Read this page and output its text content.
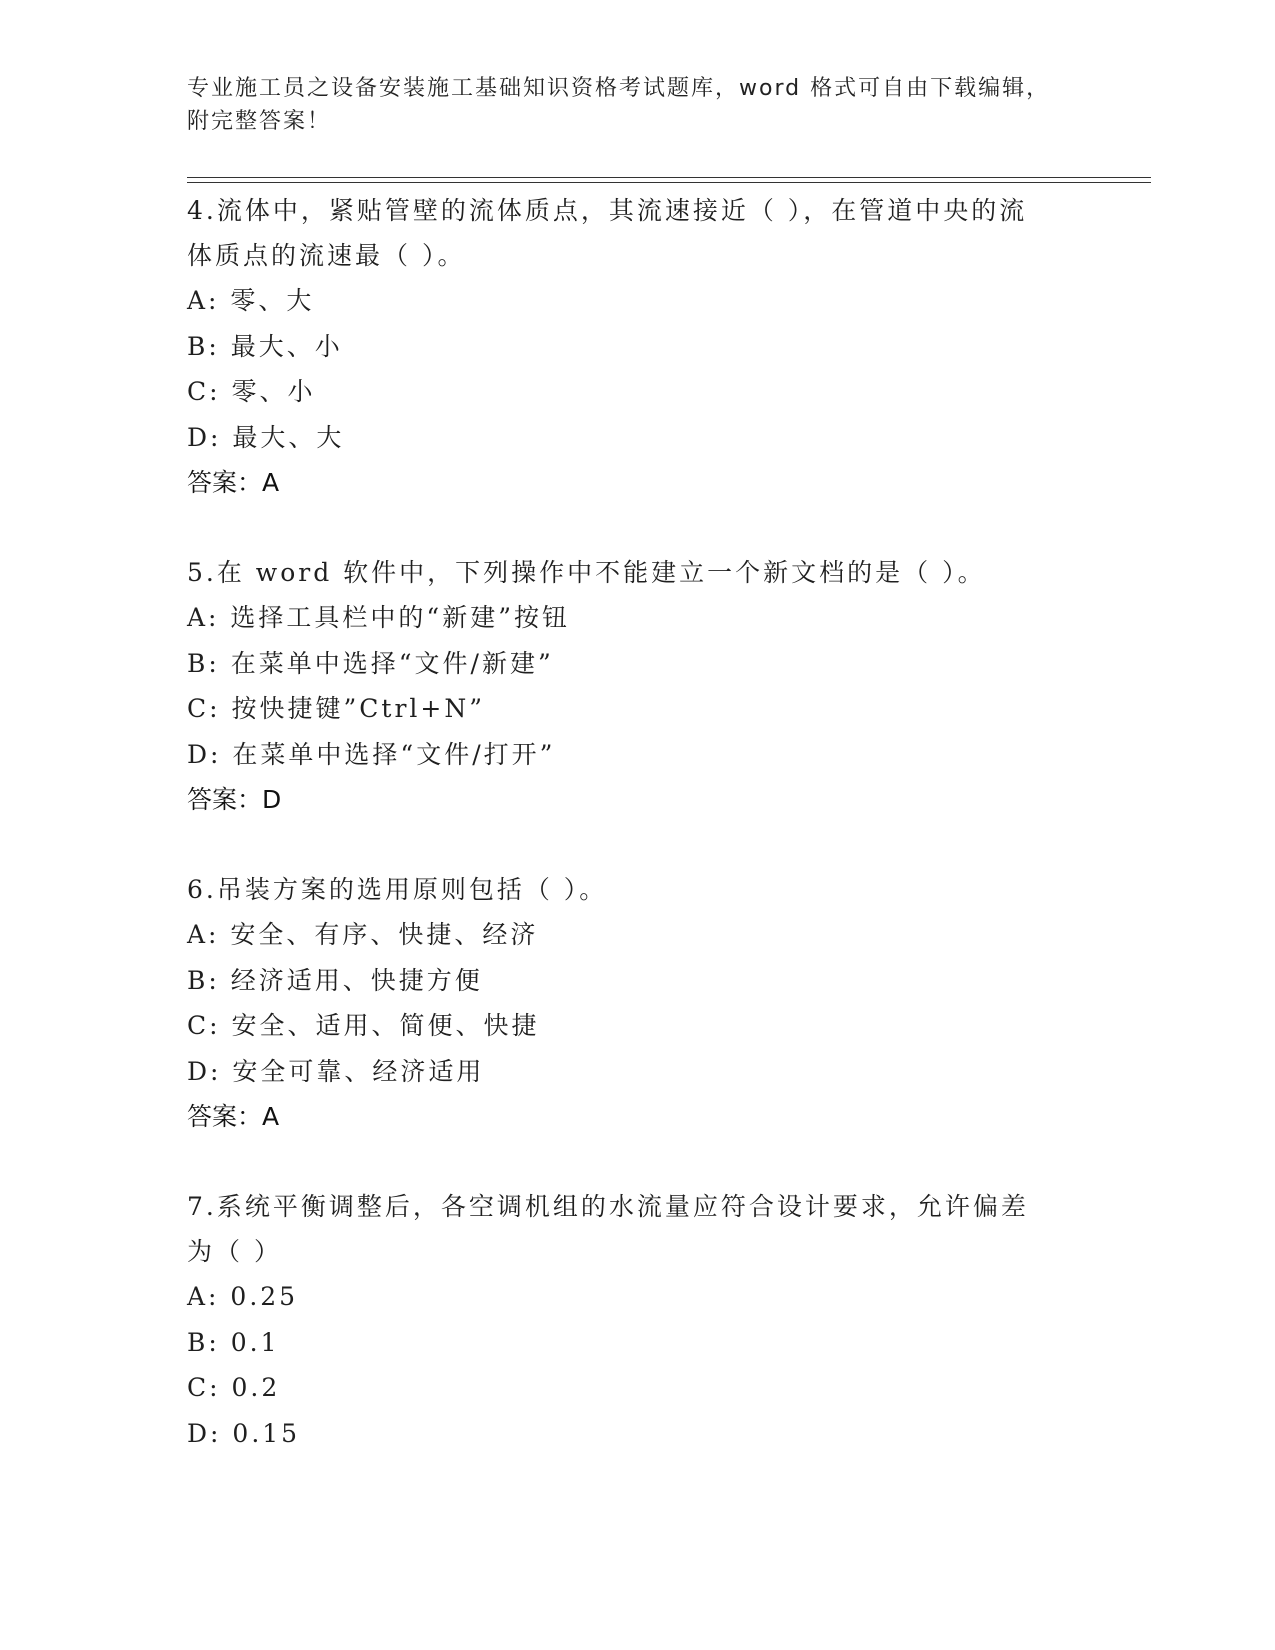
专业施工员之设备安装施工基础知识资格考试题库，word 格式可自由下载编辑，
附完整答案！

4.流体中，紧贴管壁的流体质点，其流速接近（ ），在管道中央的流
体质点的流速最（ ）。

A: 零、大

B: 最大、小

C: 零、小

D: 最大、大

答案：A

5.在 word 软件中，下列操作中不能建立一个新文档的是（ ）。

A: 选择工具栏中的“新建”按钮

B: 在菜单中选择“文件/新建”

C: 按快捷键”Ctrl+N”

D: 在菜单中选择“文件/打开”

答案：D

6.吊装方案的选用原则包括（ ）。

A: 安全、有序、快捷、经济

B: 经济适用、快捷方便

C: 安全、适用、简便、快捷

D: 安全可靠、经济适用

答案：A

7.系统平衡调整后，各空调机组的水流量应符合设计要求，允许偏差
为（ ）

A: 0.25

B: 0.1

C: 0.2

D: 0.15
